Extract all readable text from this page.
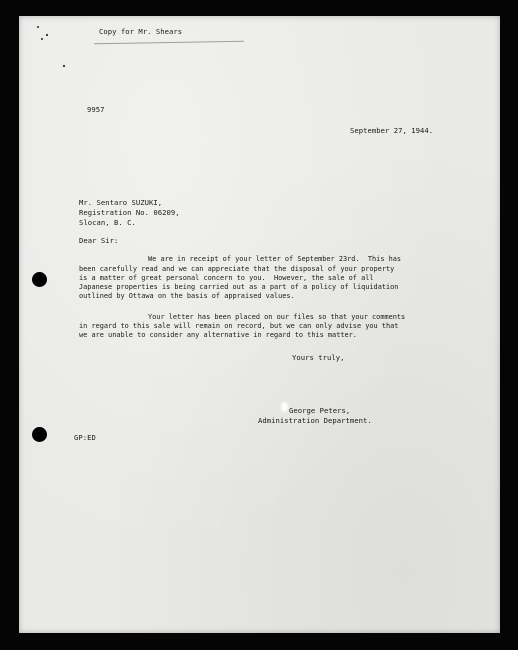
Copy for Mr. Shears
9957
September 27, 1944.
Mr. Sentaro SUZUKI,
Registration No. 06209,
Slocan, B. C.
Dear Sir:
We are in receipt of your letter of September 23rd.  This has
been carefully read and we can appreciate that the disposal of your property
is a matter of great personal concern to you.  However, the sale of all
Japanese properties is being carried out as a part of a policy of liquidation
outlined by Ottawa on the basis of appraised values.
Your letter has been placed on our files so that your comments
in regard to this sale will remain on record, but we can only advise you that
we are unable to consider any alternative in regard to this matter.
Yours truly,
George Peters,
Administration Department.
GP:ED
